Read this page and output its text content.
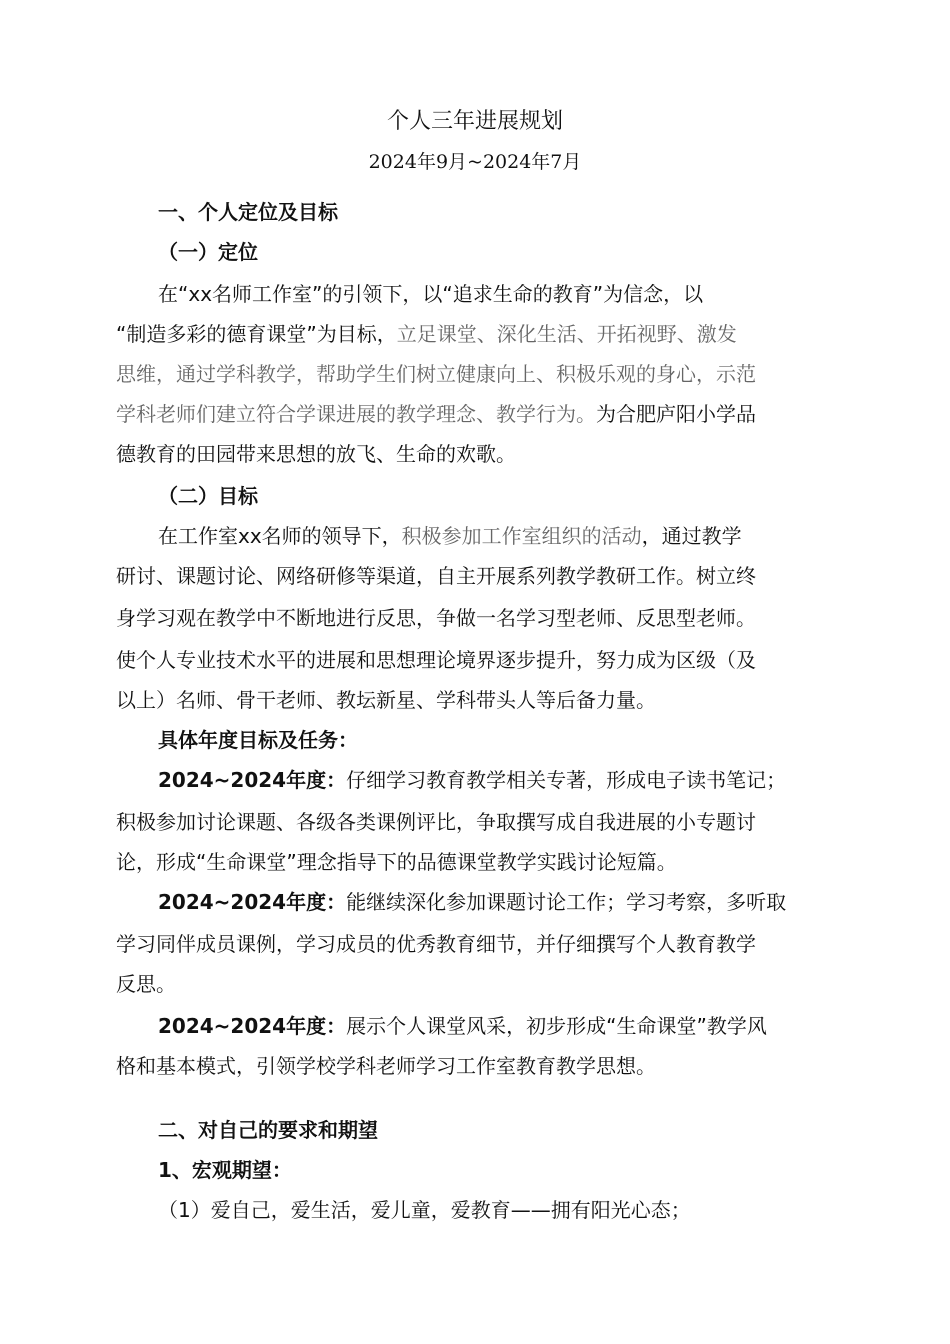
个人三年进展规划
2024年9月~2024年7月
一、个人定位及目标
（一）定位
在“xx名师工作室”的引领下，以“追求生命的教育”为信念，以
“制造多彩的德育课堂”为目标，立足课堂、深化生活、开拓视野、激发
思维，通过学科教学，帮助学生们树立健康向上、积极乐观的身心，示范
学科老师们建立符合学课进展的教学理念、教学行为。为合肥庐阳小学品
德教育的田园带来思想的放飞、生命的欢歌。
（二）目标
在工作室xx名师的领导下，积极参加工作室组织的活动，通过教学
研讨、课题讨论、网络研修等渠道，自主开展系列教学教研工作。树立终
身学习观在教学中不断地进行反思，争做一名学习型老师、反思型老师。
使个人专业技术水平的进展和思想理论境界逐步提升，努力成为区级（及
以上）名师、骨干老师、教坛新星、学科带头人等后备力量。
具体年度目标及任务：
2024~2024年度：仔细学习教育教学相关专著，形成电子读书笔记；
积极参加讨论课题、各级各类课例评比，争取撰写成自我进展的小专题讨
论，形成“生命课堂”理念指导下的品德课堂教学实践讨论短篇。
2024~2024年度：能继续深化参加课题讨论工作；学习考察，多听取
学习同伴成员课例，学习成员的优秀教育细节，并仔细撰写个人教育教学
反思。
2024~2024年度：展示个人课堂风采，初步形成“生命课堂”教学风
格和基本模式，引领学校学科老师学习工作室教育教学思想。
二、对自己的要求和期望
1、宏观期望：
（1）爱自己，爱生活，爱儿童，爱教育——拥有阳光心态；
